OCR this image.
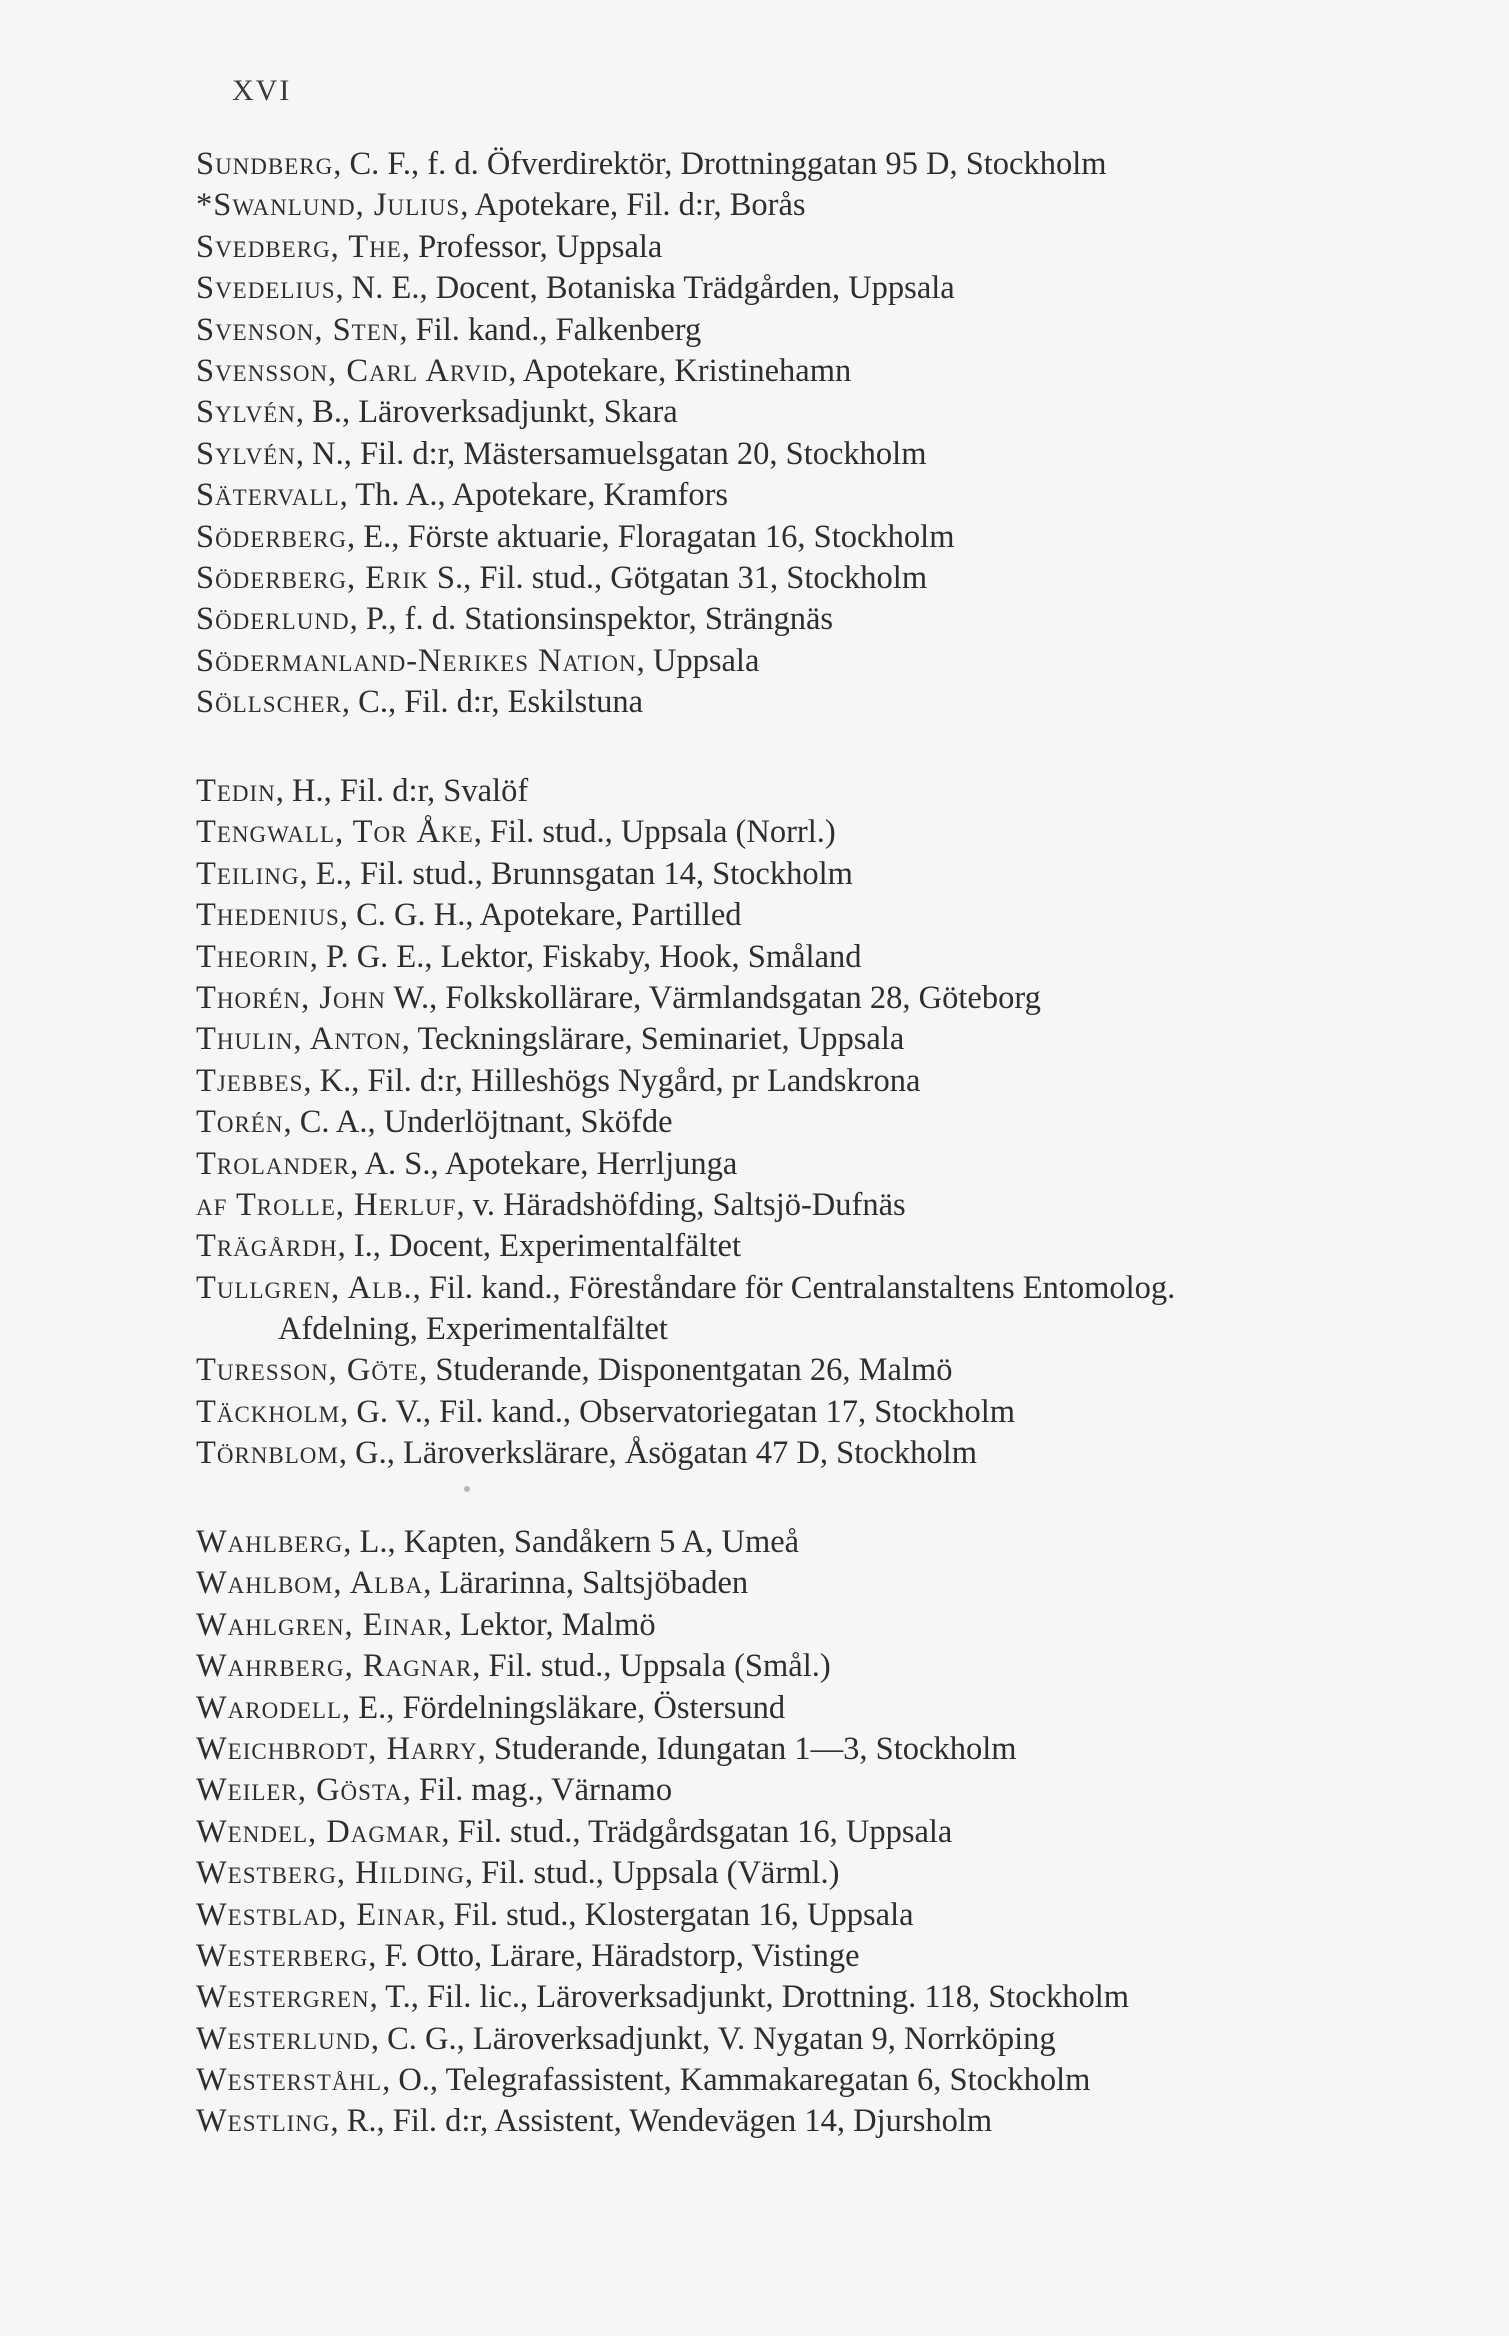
XVI
Sundberg, C. F., f. d. Öfverdirektör, Drottninggatan 95 D, Stockholm
*Swanlund, Julius, Apotekare, Fil. d:r, Borås
Svedberg, The, Professor, Uppsala
Svedelius, N. E., Docent, Botaniska Trädgården, Uppsala
Svenson, Sten, Fil. kand., Falkenberg
Svensson, Carl Arvid, Apotekare, Kristinehamn
Sylvén, B., Läroverksadjunkt, Skara
Sylvén, N., Fil. d:r, Mästersamuelsgatan 20, Stockholm
Sätervall, Th. A., Apotekare, Kramfors
Söderberg, E., Förste aktuarie, Floragatan 16, Stockholm
Söderberg, Erik S., Fil. stud., Götgatan 31, Stockholm
Söderlund, P., f. d. Stationsinspektor, Strängnäs
Södermanland-Nerikes Nation, Uppsala
Söllscher, C., Fil. d:r, Eskilstuna
Tedin, H., Fil. d:r, Svalöf
Tengwall, Tor Åke, Fil. stud., Uppsala (Norrl.)
Teiling, E., Fil. stud., Brunnsgatan 14, Stockholm
Thedenius, C. G. H., Apotekare, Partilled
Theorin, P. G. E., Lektor, Fiskaby, Hook, Småland
Thorén, John W., Folkskollärare, Värmlandsgatan 28, Göteborg
Thulin, Anton, Teckningslärare, Seminariet, Uppsala
Tjebbes, K., Fil. d:r, Hilleshögs Nygård, pr Landskrona
Torén, C. A., Underlöjtnant, Sköfde
Trolander, A. S., Apotekare, Herrljunga
af Trolle, Herluf, v. Häradshöfding, Saltsjö-Dufnäs
Trägårdh, I., Docent, Experimentalfältet
Tullgren, Alb., Fil. kand., Föreståndare för Centralanstaltens Entomolog.
Afdelning, Experimentalfältet
Turesson, Göte, Studerande, Disponentgatan 26, Malmö
Täckholm, G. V., Fil. kand., Observatoriegatan 17, Stockholm
Törnblom, G., Läroverkslärare, Åsögatan 47 D, Stockholm
Wahlberg, L., Kapten, Sandåkern 5 A, Umeå
Wahlbom, Alba, Lärarinna, Saltsjöbaden
Wahlgren, Einar, Lektor, Malmö
Wahrberg, Ragnar, Fil. stud., Uppsala (Smål.)
Warodell, E., Fördelningsläkare, Östersund
Weichbrodt, Harry, Studerande, Idungatan 1—3, Stockholm
Weiler, Gösta, Fil. mag., Värnamo
Wendel, Dagmar, Fil. stud., Trädgårdsgatan 16, Uppsala
Westberg, Hilding, Fil. stud., Uppsala (Värml.)
Westblad, Einar, Fil. stud., Klostergatan 16, Uppsala
Westerberg, F. Otto, Lärare, Häradstorp, Vistinge
Westergren, T., Fil. lic., Läroverksadjunkt, Drottning. 118, Stockholm
Westerlund, C. G., Läroverksadjunkt, V. Nygatan 9, Norrköping
Westerståhl, O., Telegrafassistent, Kammakaregatan 6, Stockholm
Westling, R., Fil. d:r, Assistent, Wendevägen 14, Djursholm
